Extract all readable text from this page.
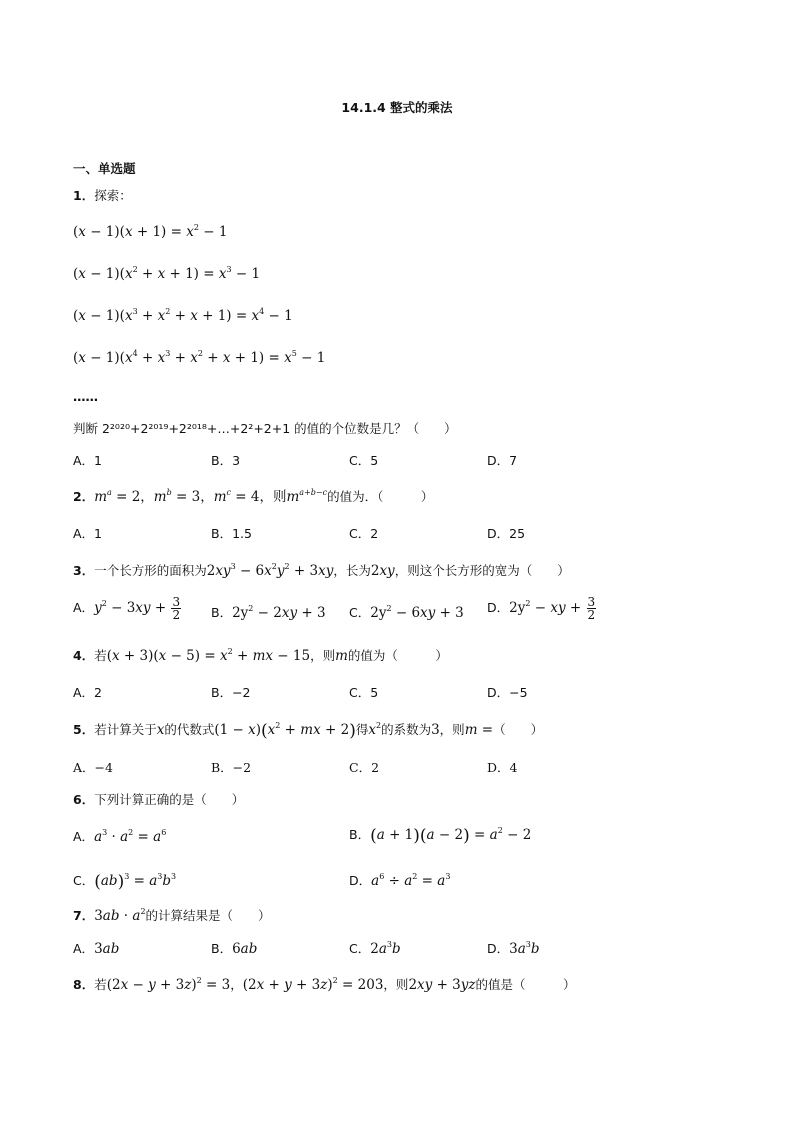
14.1.4 整式的乘法
一、单选题
1．探索：
$(x - 1)(x + 1) = x^2 - 1$
$(x - 1)(x^2 + x + 1) = x^3 - 1$
$(x - 1)(x^3 + x^2 + x + 1) = x^4 - 1$
$(x - 1)(x^4 + x^3 + x^2 + x + 1) = x^5 - 1$
……
判断 2²⁰²⁰+2²⁰¹⁹+2²⁰¹⁸+…+2²+2+1 的值的个位数是几？（　　）
A．1	B．3	C．5	D．7
2．$m^a = 2$，$m^b = 3$，$m^c = 4$，则$m^{a+b-c}$的值为．（　　　）
A．1	B．1.5	C．2	D．25
3．一个长方形的面积为$2xy^3 - 6x^2y^2 + 3xy$，长为2xy，则这个长方形的宽为（　　）
A．$y^2 - 3xy + \frac{3}{2}$ B．$2y^2 - 2xy + 3$ C．$2y^2 - 6xy + 3$ D．$2y^2$ − xy + $\frac{3}{2}$
4．若$(x + 3)(x - 5) = x^2$ + mx − 15，则m的值为（　　　）
A．2	B．−2	C．5	D．−5
5．若计算关于x的代数式$(1 - x)(x^2$ + mx + 2)得$x^2$的系数为3，则m =（　　）
A．−4	B．−2	C．2	D．4
6．下列计算正确的是（　　）
A．$a^3 \cdot a^2 = a^6$	B．$(a + 1)(a - 2) = a^2 - 2$
C．$(ab)^3 = a^3b^3$	D．$a^6 \div a^2 = a^3$
7．$3ab \cdot a^2$的计算结果是（　　）
A．3ab	B．6ab	C．$2a^3b$	D．$3a^3b$
8．若$(2x - y + 3z)^2 = 3$，$(2x + y + 3z)^2 = 203$，则2xy + 3yz的值是（　　　）
